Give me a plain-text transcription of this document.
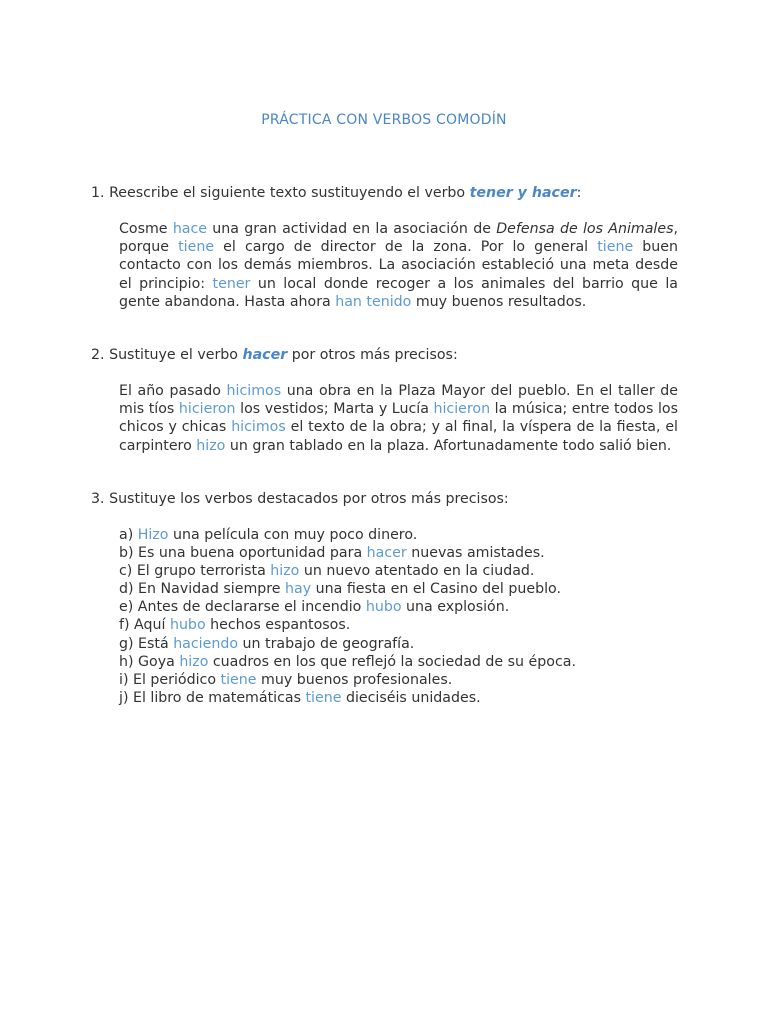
PRÁCTICA CON VERBOS COMODÍN
1. Reescribe el siguiente texto sustituyendo el verbo tener y hacer:

Cosme hace una gran actividad en la asociación de Defensa de los Animales, porque tiene el cargo de director de la zona. Por lo general tiene buen contacto con los demás miembros. La asociación estableció una meta desde el principio: tener un local donde recoger a los animales del barrio que la gente abandona. Hasta ahora han tenido muy buenos resultados.

2. Sustituye el verbo hacer por otros más precisos:

El año pasado hicimos una obra en la Plaza Mayor del pueblo. En el taller de mis tíos hicieron los vestidos; Marta y Lucía hicieron la música; entre todos los chicos y chicas hicimos el texto de la obra; y al final, la víspera de la fiesta, el carpintero hizo un gran tablado en la plaza. Afortunadamente todo salió bien.

3. Sustituye los verbos destacados por otros más precisos:
a) Hizo una película con muy poco dinero.
b) Es una buena oportunidad para hacer nuevas amistades.
c) El grupo terrorista hizo un nuevo atentado en la ciudad.
d) En Navidad siempre hay una fiesta en el Casino del pueblo.
e) Antes de declararse el incendio hubo una explosión.
f) Aquí hubo hechos espantosos.
g) Está haciendo un trabajo de geografía.
h) Goya hizo cuadros en los que reflejó la sociedad de su época.
i) El periódico tiene muy buenos profesionales.
j) El libro de matemáticas tiene dieciséis unidades.
